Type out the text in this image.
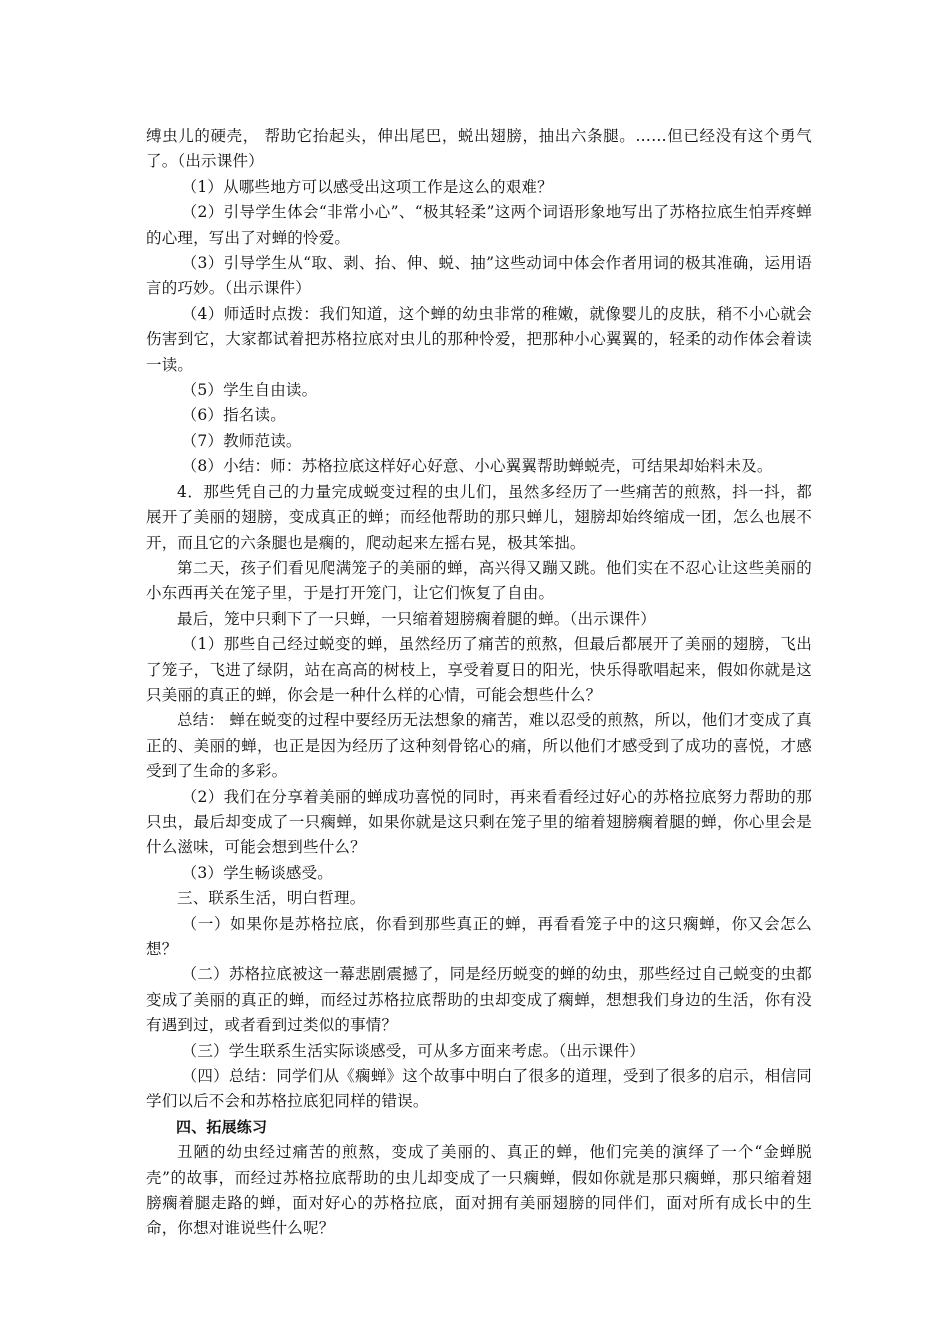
缚虫儿的硬壳， 帮助它抬起头，伸出尾巴，蜕出翅膀，抽出六条腿。……但已经没有这个勇气了。（出示课件）

（1）从哪些地方可以感受出这项工作是这么的艰难？

（2）引导学生体会“非常小心”、“极其轻柔”这两个词语形象地写出了苏格拉底生怕弄疼蝉的心理，写出了对蝉的怜爱。

（3）引导学生从“取、剥、抬、伸、蜕、抽”这些动词中体会作者用词的极其准确，运用语言的巧妙。（出示课件）

（4）师适时点拨：我们知道，这个蝉的幼虫非常的稚嫩，就像婴儿的皮肤，稍不小心就会伤害到它，大家都试着把苏格拉底对虫儿的那种怜爱，把那种小心翼翼的，轻柔的动作体会着读一读。

（5）学生自由读。

（6）指名读。

（7）教师范读。

（8）小结：师：苏格拉底这样好心好意、小心翼翼帮助蝉蜕壳，可结果却始料未及。

4．那些凭自己的力量完成蜕变过程的虫儿们，虽然多经历了一些痛苦的煎熬，抖一抖，都展开了美丽的翅膀，变成真正的蝉；而经他帮助的那只蝉儿，翅膀却始终缩成一团，怎么也展不开，而且它的六条腿也是瘸的，爬动起来左摇右晃，极其笨拙。

第二天，孩子们看见爬满笼子的美丽的蝉，高兴得又蹦又跳。他们实在不忍心让这些美丽的小东西再关在笼子里，于是打开笼门，让它们恢复了自由。

最后，笼中只剩下了一只蝉，一只缩着翅膀瘸着腿的蝉。（出示课件）

（1）那些自己经过蜕变的蝉，虽然经历了痛苦的煎熬，但最后都展开了美丽的翅膀，飞出了笼子，飞进了绿阴，站在高高的树枝上，享受着夏日的阳光，快乐得歌唱起来，假如你就是这只美丽的真正的蝉，你会是一种什么样的心情，可能会想些什么？

总结： 蝉在蜕变的过程中要经历无法想象的痛苦，难以忍受的煎熬，所以，他们才变成了真正的、美丽的蝉，也正是因为经历了这种刻骨铭心的痛，所以他们才感受到了成功的喜悦，才感受到了生命的多彩。

（2）我们在分享着美丽的蝉成功喜悦的同时，再来看看经过好心的苏格拉底努力帮助的那只虫，最后却变成了一只瘸蝉，如果你就是这只剩在笼子里的缩着翅膀瘸着腿的蝉，你心里会是什么滋味，可能会想到些什么？

（3）学生畅谈感受。

三、联系生活，明白哲理。

（一）如果你是苏格拉底，你看到那些真正的蝉，再看看笼子中的这只瘸蝉，你又会怎么想？

（二）苏格拉底被这一幕悲剧震撼了，同是经历蜕变的蝉的幼虫，那些经过自己蜕变的虫都变成了美丽的真正的蝉，而经过苏格拉底帮助的虫却变成了瘸蝉，想想我们身边的生活，你有没有遇到过，或者看到过类似的事情？

（三）学生联系生活实际谈感受，可从多方面来考虑。（出示课件）

（四）总结：同学们从《瘸蝉》这个故事中明白了很多的道理，受到了很多的启示，相信同学们以后不会和苏格拉底犯同样的错误。

四、拓展练习

丑陋的幼虫经过痛苦的煎熬，变成了美丽的、真正的蝉，他们完美的演绎了一个“金蝉脱壳”的故事，而经过苏格拉底帮助的虫儿却变成了一只瘸蝉，假如你就是那只瘸蝉，那只缩着翅膀瘸着腿走路的蝉，面对好心的苏格拉底，面对拥有美丽翅膀的同伴们，面对所有成长中的生命，你想对谁说些什么呢？
